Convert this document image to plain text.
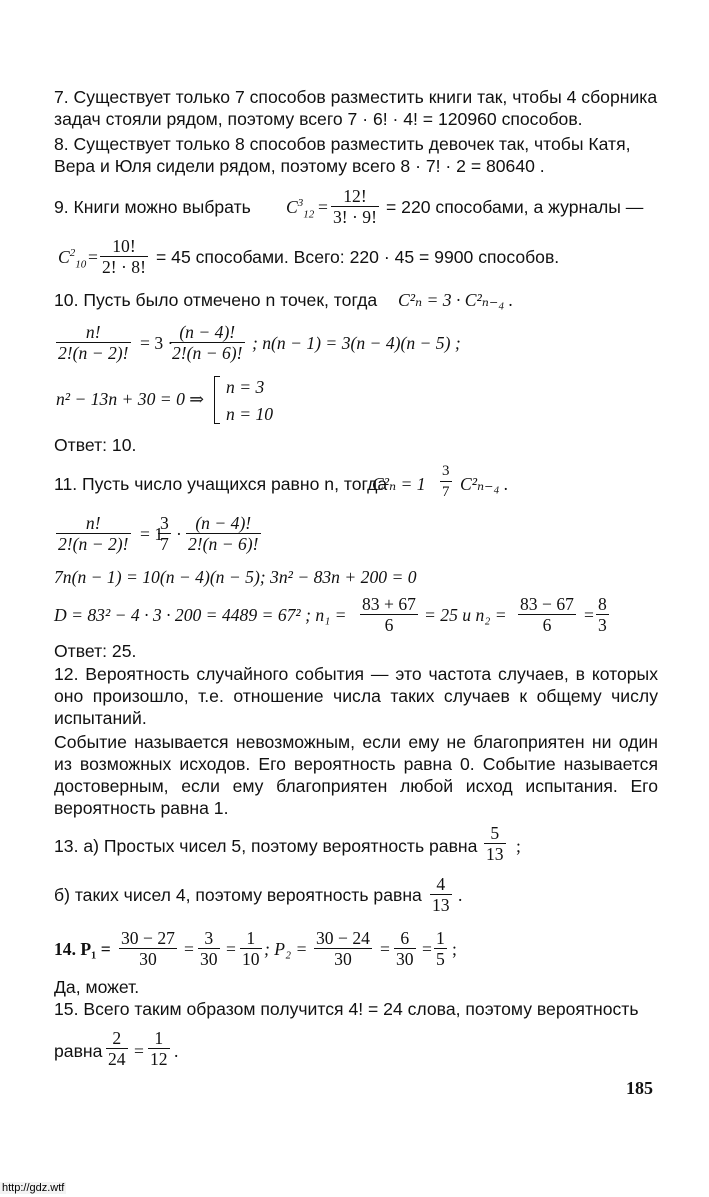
7. Существует только 7 способов разместить книги так, чтобы 4 сборника
задач стояли рядом, поэтому всего 7 · 6! · 4! = 120960 способов.
8. Существует только 8 способов разместить девочек так, чтобы Катя,
Вера и Юля сидели рядом, поэтому всего 8 · 7! · 2 = 80640 .
9. Книги можно выбрать $C^3_{12} = \frac{12!}{3! \cdot 9!} = 220$ способами, а журналы —
$C^2_{10} = \frac{10!}{2! \cdot 8!} = 45$ способами. Всего: 220 · 45 = 9900 способов.
10. Пусть было отмечено n точек, тогда C²ₙ = 3 · C²ₙ₋₄ .
$\frac{n!}{2!(n - 2)!} = 3$ ·
$\frac{(n - 4)!}{2!(n - 6)!}$ ; n(n − 1) = 3(n − 4)(n − 5) ;
n² − 13n + 30 = 0 ⇒
n = 3
n = 10
Ответ: 10.
11. Пусть число учащихся равно n, тогда
$C^2_n = 1 \frac{3}{7} C^2_{n-4}$ .
$\frac{n!}{2!(n - 2)!} = 1$
$\frac{3}{7} \cdot \frac{(n - 4)!}{2!(n - 6)!}$
7n(n − 1) = 10(n − 4)(n − 5); 3n² − 83n + 200 = 0
D = 83² − 4 · 3 · 200 = 4489 = 67² ; $n_1 = \frac{83 + 67}{6} = 25$ и $n_2 = \frac{83 - 67}{6} = \frac{8}{3}$
Ответ: 25.
12. Вероятность случайного события — это частота случаев, в которых оно произошло, т.е. отношение числа таких случаев к общему числу испытаний.
Событие называется невозможным, если ему не благоприятен ни один из возможных исходов. Его вероятность равна 0. Событие называется достоверным, если ему благоприятен любой исход испытания. Его вероятность равна 1.
13. а) Простых чисел 5, поэтому вероятность равна $\frac{5}{13}$ ;
б) таких чисел 4, поэтому вероятность равна $\frac{4}{13}$ .
14. $P_1 = \frac{30 - 27}{30} = \frac{3}{30} = \frac{1}{10}$ ; $P_2 = \frac{30 - 24}{30} = \frac{6}{30} = \frac{1}{5}$ ;
Да, может.
15. Всего таким образом получится 4! = 24 слова, поэтому вероятность
равна $\frac{2}{24} = \frac{1}{12}$ .
185
http://gdz.wtf
